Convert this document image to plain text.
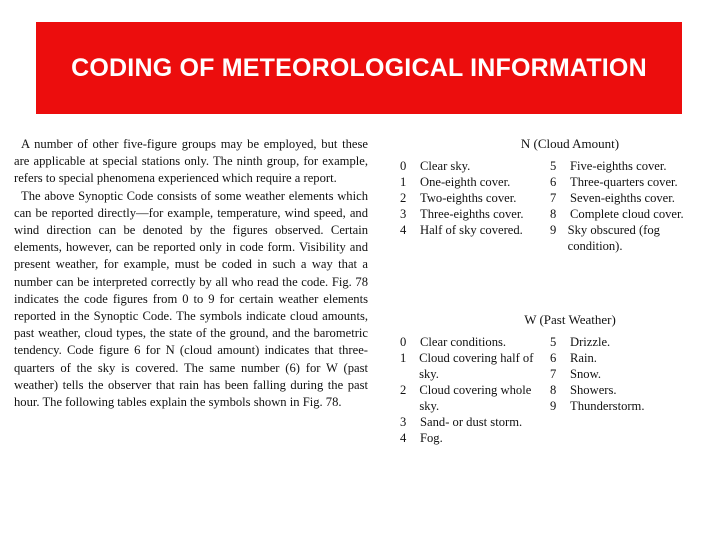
CODING OF METEOROLOGICAL INFORMATION

A number of other five-figure groups may be employed, but these are applicable at special stations only. The ninth group, for example, refers to special phenomena experienced which require a report.

The above Synoptic Code consists of some weather elements which can be reported directly—for example, temperature, wind speed, and wind direction can be denoted by the figures observed. Certain elements, however, can be reported only in code form. Visibility and present weather, for example, must be coded in such a way that a number can be interpreted correctly by all who read the code. Fig. 78 indicates the code figures from 0 to 9 for certain weather elements reported in the Synoptic Code. The symbols indicate cloud amounts, past weather, cloud types, the state of the ground, and the barometric tendency. Code figure 6 for N (cloud amount) indicates that three-quarters of the sky is covered. The same number (6) for W (past weather) tells the observer that rain has been falling during the past hour. The following tables explain the symbols shown in Fig. 78.

N (Cloud Amount)
0	Clear sky.
1	One-eighth cover.
2	Two-eighths cover.
3	Three-eighths cover.
4	Half of sky covered.
5	Five-eighths cover.
6	Three-quarters cover.
7	Seven-eighths cover.
8	Complete cloud cover.
9 Sky obscured (fog condition).
W (Past Weather)
0	Clear conditions.
1	Cloud covering half of sky.
2	Cloud covering whole sky.
3	Sand- or dust storm.
4	Fog.
5	Drizzle.
6	Rain.
7	Snow.
8	Showers.
9	Thunderstorm.
